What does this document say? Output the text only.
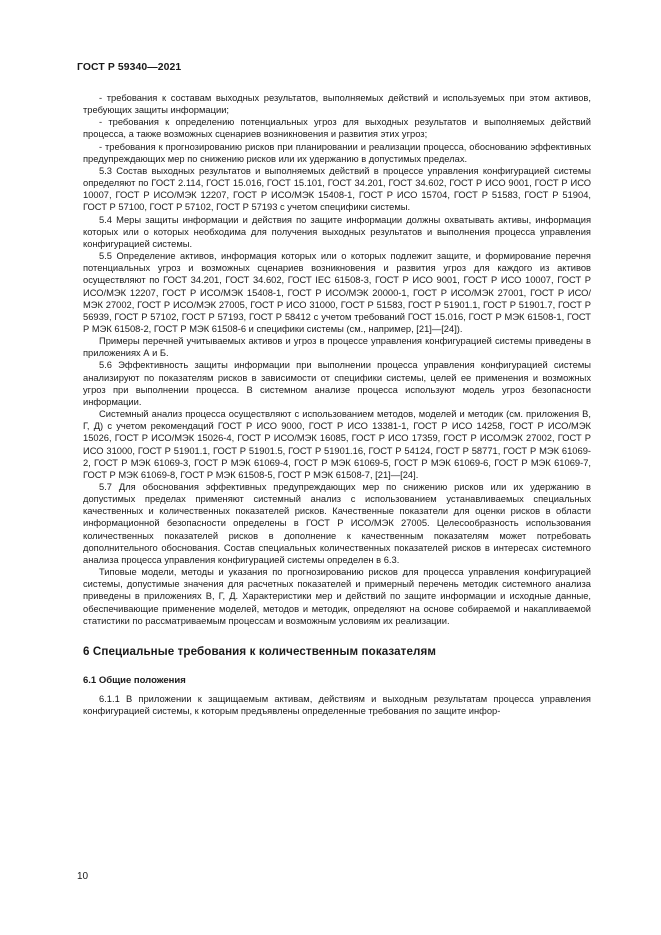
ГОСТ Р 59340—2021

- требования к составам выходных результатов, выполняемых действий и используемых при этом активов, требующих защиты информации;

- требования к определению потенциальных угроз для выходных результатов и выполняемых действий процесса, а также возможных сценариев возникновения и развития этих угроз;

- требования к прогнозированию рисков при планировании и реализации процесса, обоснованию эффективных предупреждающих мер по снижению рисков или их удержанию в допустимых пределах.

5.3 Состав выходных результатов и выполняемых действий в процессе управления конфигурацией системы определяют по ГОСТ 2.114, ГОСТ 15.016, ГОСТ 15.101, ГОСТ 34.201, ГОСТ 34.602, ГОСТ Р ИСО 9001, ГОСТ Р ИСО 10007, ГОСТ Р ИСО/МЭК 12207, ГОСТ Р ИСО/МЭК 15408-1, ГОСТ Р ИСО 15704, ГОСТ Р 51583, ГОСТ Р 51904, ГОСТ Р 57100, ГОСТ Р 57102, ГОСТ Р 57193 с учетом специфики системы.

5.4 Меры защиты информации и действия по защите информации должны охватывать активы, информация которых или о которых необходима для получения выходных результатов и выполнения процесса управления конфигурацией системы.

5.5 Определение активов, информация которых или о которых подлежит защите, и формирование перечня потенциальных угроз и возможных сценариев возникновения и развития угроз для каждого из активов осуществляют по ГОСТ 34.201, ГОСТ 34.602, ГОСТ IEC 61508-3, ГОСТ Р ИСО 9001, ГОСТ Р ИСО 10007, ГОСТ Р ИСО/МЭК 12207, ГОСТ Р ИСО/МЭК 15408-1, ГОСТ Р ИСО/МЭК 20000-1, ГОСТ Р ИСО/МЭК 27001, ГОСТ Р ИСО/МЭК 27002, ГОСТ Р ИСО/МЭК 27005, ГОСТ Р ИСО 31000, ГОСТ Р 51583, ГОСТ Р 51901.1, ГОСТ Р 51901.7, ГОСТ Р 56939, ГОСТ Р 57102, ГОСТ Р 57193, ГОСТ Р 58412 с учетом требований ГОСТ 15.016, ГОСТ Р МЭК 61508-1, ГОСТ Р МЭК 61508-2, ГОСТ Р МЭК 61508-6 и специфики системы (см., например, [21]—[24]).

Примеры перечней учитываемых активов и угроз в процессе управления конфигурацией системы приведены в приложениях А и Б.

5.6 Эффективность защиты информации при выполнении процесса управления конфигурацией системы анализируют по показателям рисков в зависимости от специфики системы, целей ее применения и возможных угроз при выполнении процесса. В системном анализе процесса используют модель угроз безопасности информации.

Системный анализ процесса осуществляют с использованием методов, моделей и методик (см. приложения В, Г, Д) с учетом рекомендаций ГОСТ Р ИСО 9000, ГОСТ Р ИСО 13381-1, ГОСТ Р ИСО 14258, ГОСТ Р ИСО/МЭК 15026, ГОСТ Р ИСО/МЭК 15026-4, ГОСТ Р ИСО/МЭК 16085, ГОСТ Р ИСО 17359, ГОСТ Р ИСО/МЭК 27002, ГОСТ Р ИСО 31000, ГОСТ Р 51901.1, ГОСТ Р 51901.5, ГОСТ Р 51901.16, ГОСТ Р 54124, ГОСТ Р 58771, ГОСТ Р МЭК 61069-2, ГОСТ Р МЭК 61069-3, ГОСТ Р МЭК 61069-4, ГОСТ Р МЭК 61069-5, ГОСТ Р МЭК 61069-6, ГОСТ Р МЭК 61069-7, ГОСТ Р МЭК 61069-8, ГОСТ Р МЭК 61508-5, ГОСТ Р МЭК 61508-7, [21]—[24].

5.7 Для обоснования эффективных предупреждающих мер по снижению рисков или их удержанию в допустимых пределах применяют системный анализ с использованием устанавливаемых специальных качественных и количественных показателей рисков. Качественные показатели для оценки рисков в области информационной безопасности определены в ГОСТ Р ИСО/МЭК 27005. Целесообразность использования количественных показателей рисков в дополнение к качественным показателям может потребовать дополнительного обоснования. Состав специальных количественных показателей рисков в интересах системного анализа процесса управления конфигурацией системы определен в 6.3.

Типовые модели, методы и указания по прогнозированию рисков для процесса управления конфигурацией системы, допустимые значения для расчетных показателей и примерный перечень методик системного анализа приведены в приложениях В, Г, Д. Характеристики мер и действий по защите информации и исходные данные, обеспечивающие применение моделей, методов и методик, определяют на основе собираемой и накапливаемой статистики по рассматриваемым процессам и возможным условиям их реализации.

6 Специальные требования к количественным показателям
6.1 Общие положения

6.1.1 В приложении к защищаемым активам, действиям и выходным результатам процесса управления конфигурацией системы, к которым предъявлены определенные требования по защите инфор-

10
